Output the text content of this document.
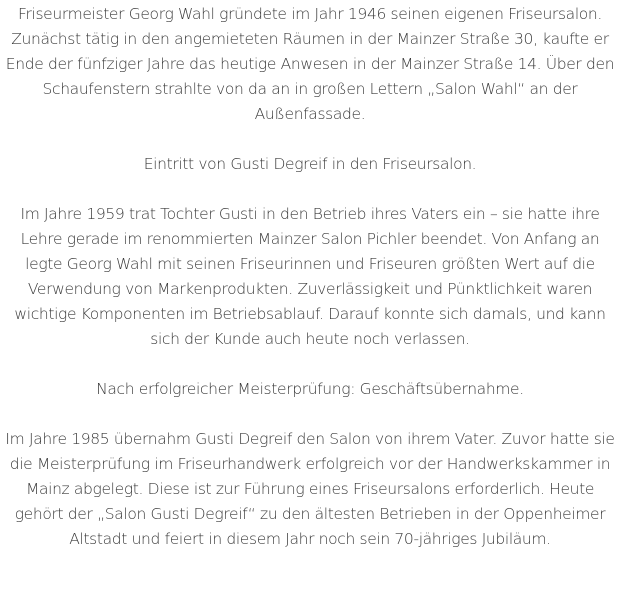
Friseurmeister Georg Wahl gründete im Jahr 1946 seinen eigenen Friseursalon. Zunächst tätig in den angemieteten Räumen in der Mainzer Straße 30, kaufte er Ende der fünfziger Jahre das heutige Anwesen in der Mainzer Straße 14. Über den Schaufenstern strahlte von da an in großen Lettern „Salon Wahl“ an der Außenfassade.

Eintritt von Gusti Degreif in den Friseursalon.

Im Jahre 1959 trat Tochter Gusti in den Betrieb ihres Vaters ein – sie hatte ihre Lehre gerade im renommierten Mainzer Salon Pichler beendet. Von Anfang an legte Georg Wahl mit seinen Friseurinnen und Friseuren größten Wert auf die Verwendung von Markenprodukten. Zuverlässigkeit und Pünktlichkeit waren wichtige Komponenten im Betriebsablauf. Darauf konnte sich damals, und kann sich der Kunde auch heute noch verlassen.

Nach erfolgreicher Meisterprüfung: Geschäftsübernahme.

Im Jahre 1985 übernahm Gusti Degreif den Salon von ihrem Vater. Zuvor hatte sie die Meisterprüfung im Friseurhandwerk erfolgreich vor der Handwerkskammer in Mainz abgelegt. Diese ist zur Führung eines Friseursalons erforderlich. Heute gehört der „Salon Gusti Degreif“ zu den ältesten Betrieben in der Oppenheimer Altstadt und feiert in diesem Jahr noch sein 70-jähriges Jubiläum.
